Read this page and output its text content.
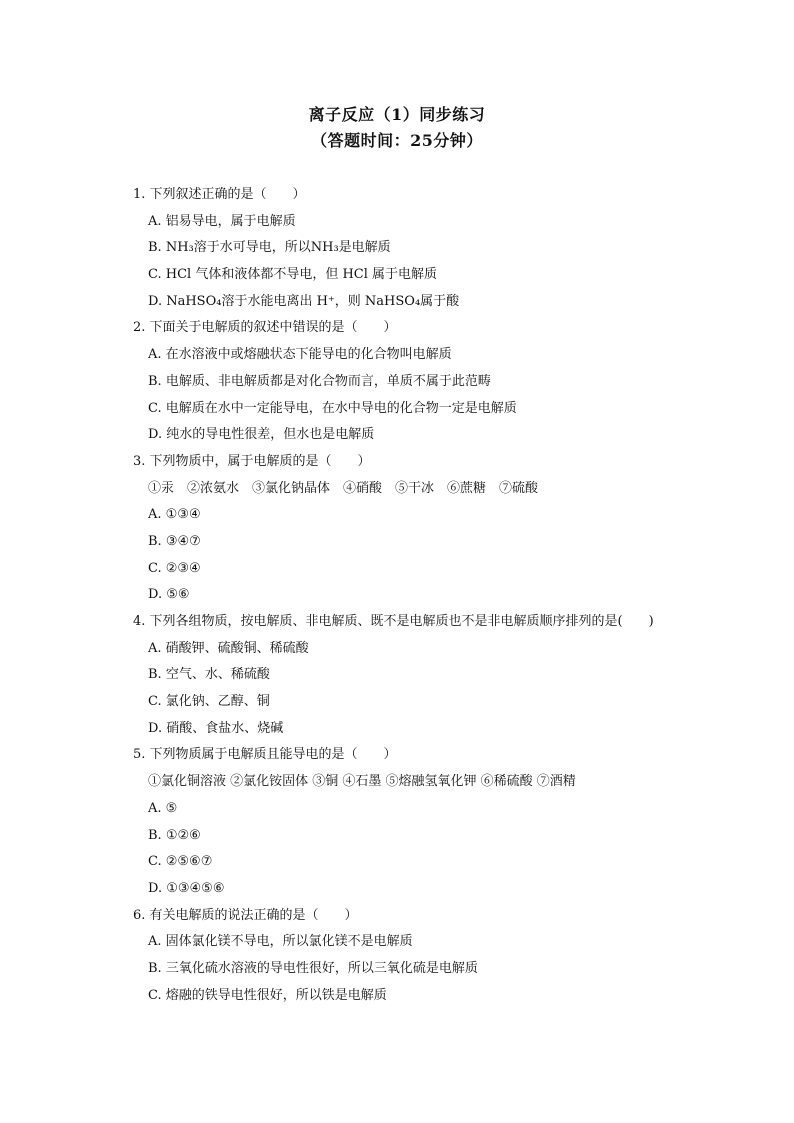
离子反应（1）同步练习
（答题时间：25分钟）
1. 下列叙述正确的是（　　）
A. 铝易导电，属于电解质
B. NH₃溶于水可导电，所以NH₃是电解质
C. HCl 气体和液体都不导电，但 HCl 属于电解质
D. NaHSO₄溶于水能电离出 H⁺，则 NaHSO₄属于酸
2. 下面关于电解质的叙述中错误的是（　　）
A. 在水溶液中或熔融状态下能导电的化合物叫电解质
B. 电解质、非电解质都是对化合物而言，单质不属于此范畴
C. 电解质在水中一定能导电，在水中导电的化合物一定是电解质
D. 纯水的导电性很差，但水也是电解质
3. 下列物质中，属于电解质的是（　　）
①汞　②浓氨水　③氯化钠晶体　④硝酸　⑤干冰　⑥蔗糖　⑦硫酸
A. ①③④
B. ③④⑦
C. ②③④
D. ⑤⑥
4. 下列各组物质，按电解质、非电解质、既不是电解质也不是非电解质顺序排列的是(　　)
A. 硝酸钾、硫酸铜、稀硫酸
B. 空气、水、稀硫酸
C. 氯化钠、乙醇、铜
D. 硝酸、食盐水、烧碱
5. 下列物质属于电解质且能导电的是（　　）
①氯化铜溶液 ②氯化铵固体 ③铜 ④石墨 ⑤熔融氢氧化钾 ⑥稀硫酸 ⑦酒精
A. ⑤
B. ①②⑥
C. ②⑤⑥⑦
D. ①③④⑤⑥
6. 有关电解质的说法正确的是（　　）
A. 固体氯化镁不导电，所以氯化镁不是电解质
B. 三氧化硫水溶液的导电性很好，所以三氧化硫是电解质
C. 熔融的铁导电性很好，所以铁是电解质
